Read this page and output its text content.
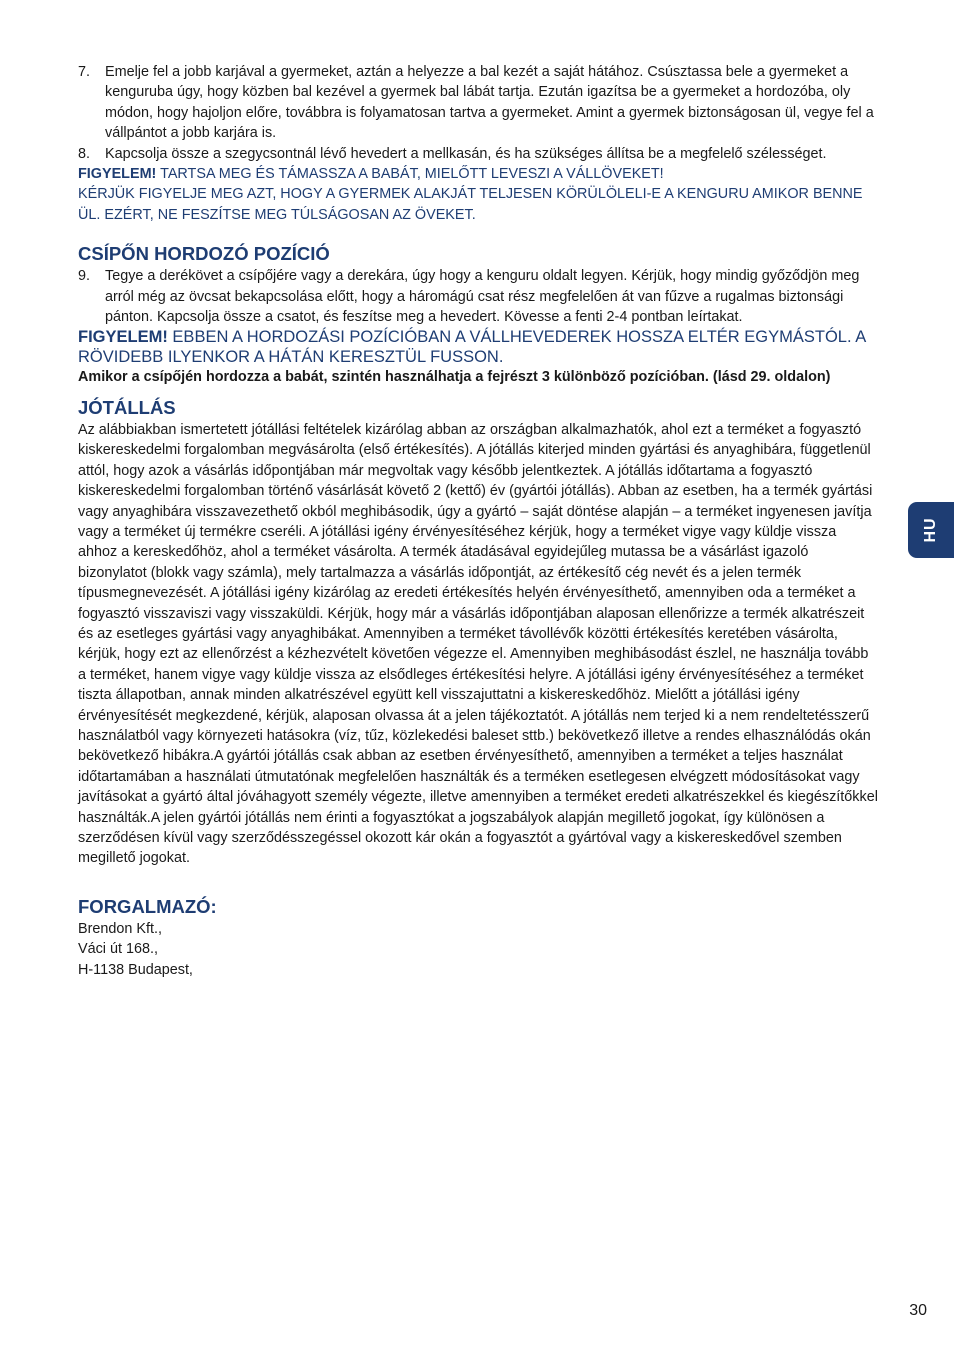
7.	Emelje fel a jobb karjával a gyermeket, aztán a helyezze a bal kezét a saját hátához. Csúsztassa bele a gyermeket a kenguruba úgy, hogy közben bal kezével a gyermek bal lábát tartja. Ezután igazítsa be a gyermeket a hordozóba, oly módon, hogy hajoljon előre, továbbra is folyamatosan tartva a gyermeket. Amint a gyermek biztonságosan ül, vegye fel a vállpántot a jobb karjára is.
8.	Kapcsolja össze a szegycsontnál lévő hevedert a mellkasán, és ha szükséges állítsa be a megfelelő szélességet.

FIGYELEM! TARTSA MEG ÉS TÁMASSZA A BABÁT, MIELŐTT LEVESZI A VÁLLÖVEKET!

KÉRJÜK FIGYELJE MEG AZT, HOGY A GYERMEK ALAKJÁT TELJESEN KÖRÜLÖLELI-E A KENGURU AMIKOR BENNE ÜL. EZÉRT, NE FESZÍTSE MEG TÚLSÁGOSAN AZ ÖVEKET.

CSÍPŐN HORDOZÓ POZÍCIÓ
9.	Tegye a derékövet a csípőjére vagy a derekára, úgy hogy a kenguru oldalt legyen. Kérjük, hogy mindig győződjön meg arról még az övcsat bekapcsolása előtt, hogy a háromágú csat rész megfelelően át van fűzve a rugalmas biztonsági pánton. Kapcsolja össze a csatot, és feszítse meg a hevedert. Kövesse a fenti 2-4 pontban leírtakat.

FIGYELEM! EBBEN A HORDOZÁSI POZÍCIÓBAN A VÁLLHEVEDEREK HOSSZA ELTÉR EGYMÁSTÓL. A RÖVIDEBB ILYENKOR A HÁTÁN KERESZTÜL FUSSON.

Amikor a csípőjén hordozza a babát, szintén használhatja a fejrészt 3 különböző pozícióban. (lásd 29. oldalon)

JÓTÁLLÁS

Az alábbiakban ismertetett jótállási feltételek kizárólag abban az országban alkalmazhatók, ahol ezt a terméket a fogyasztó kiskereskedelmi forgalomban megvásárolta (első értékesítés). A jótállás kiterjed minden gyártási és anyaghibára, függetlenül attól, hogy azok a vásárlás időpontjában már megvoltak vagy később jelentkeztek. A jótállás időtartama a fogyasztó kiskereskedelmi forgalomban történő vásárlását követő 2 (kettő) év (gyártói jótállás). Abban az esetben, ha a termék gyártási vagy anyaghibára visszavezethető okból meghibásodik, úgy a gyártó – saját döntése alapján – a terméket ingyenesen javítja vagy a terméket új termékre cseréli. A jótállási igény érvényesítéséhez kérjük, hogy a terméket vigye vagy küldje vissza ahhoz a kereskedőhöz, ahol a terméket vásárolta. A termék átadásával egyidejűleg mutassa be a vásárlást igazoló bizonylatot (blokk vagy számla), mely tartalmazza a vásárlás időpontját, az értékesítő cég nevét és a jelen termék típusmegnevezését. A jótállási igény kizárólag az eredeti értékesítés helyén érvényesíthető, amennyiben oda a terméket a fogyasztó visszaviszi vagy visszaküldi. Kérjük, hogy már a vásárlás időpontjában alaposan ellenőrizze a termék alkatrészeit és az esetleges gyártási vagy anyaghibákat. Amennyiben a terméket távollévők közötti értékesítés keretében vásárolta, kérjük, hogy ezt az ellenőrzést a kézhezvételt követően végezze el. Amennyiben meghibásodást észlel, ne használja tovább a terméket, hanem vigye vagy küldje vissza az elsődleges értékesítési helyre. A jótállási igény érvényesítéséhez a terméket tiszta állapotban, annak minden alkatrészével együtt kell visszajuttatni a kiskereskedőhöz. Mielőtt a jótállási igény érvényesítését megkezdené, kérjük, alaposan olvassa át a jelen tájékoztatót. A jótállás nem terjed ki a nem rendeltetésszerű használatból vagy környezeti hatásokra (víz, tűz, közlekedési baleset sttb.) bekövetkező illetve a rendes elhasználódás okán bekövetkező hibákra.A gyártói jótállás csak abban az esetben érvényesíthető, amennyiben a terméket a teljes használat időtartamában a használati útmutatónak megfelelően használták és a terméken esetlegesen elvégzett módosításokat vagy javításokat a gyártó által jóváhagyott személy végezte, illetve amennyiben a terméket eredeti alkatrészekkel és kiegészítőkkel használták.A jelen gyártói jótállás nem érinti a fogyasztókat a jogszabályok alapján megillető jogokat, így különösen a szerződésen kívül vagy szerződésszegéssel okozott kár okán a fogyasztót a gyártóval vagy a kiskereskedővel szemben megillető jogokat.

FORGALMAZÓ:
Brendon Kft.,
Váci út 168.,
H-1138 Budapest,
HU
30
